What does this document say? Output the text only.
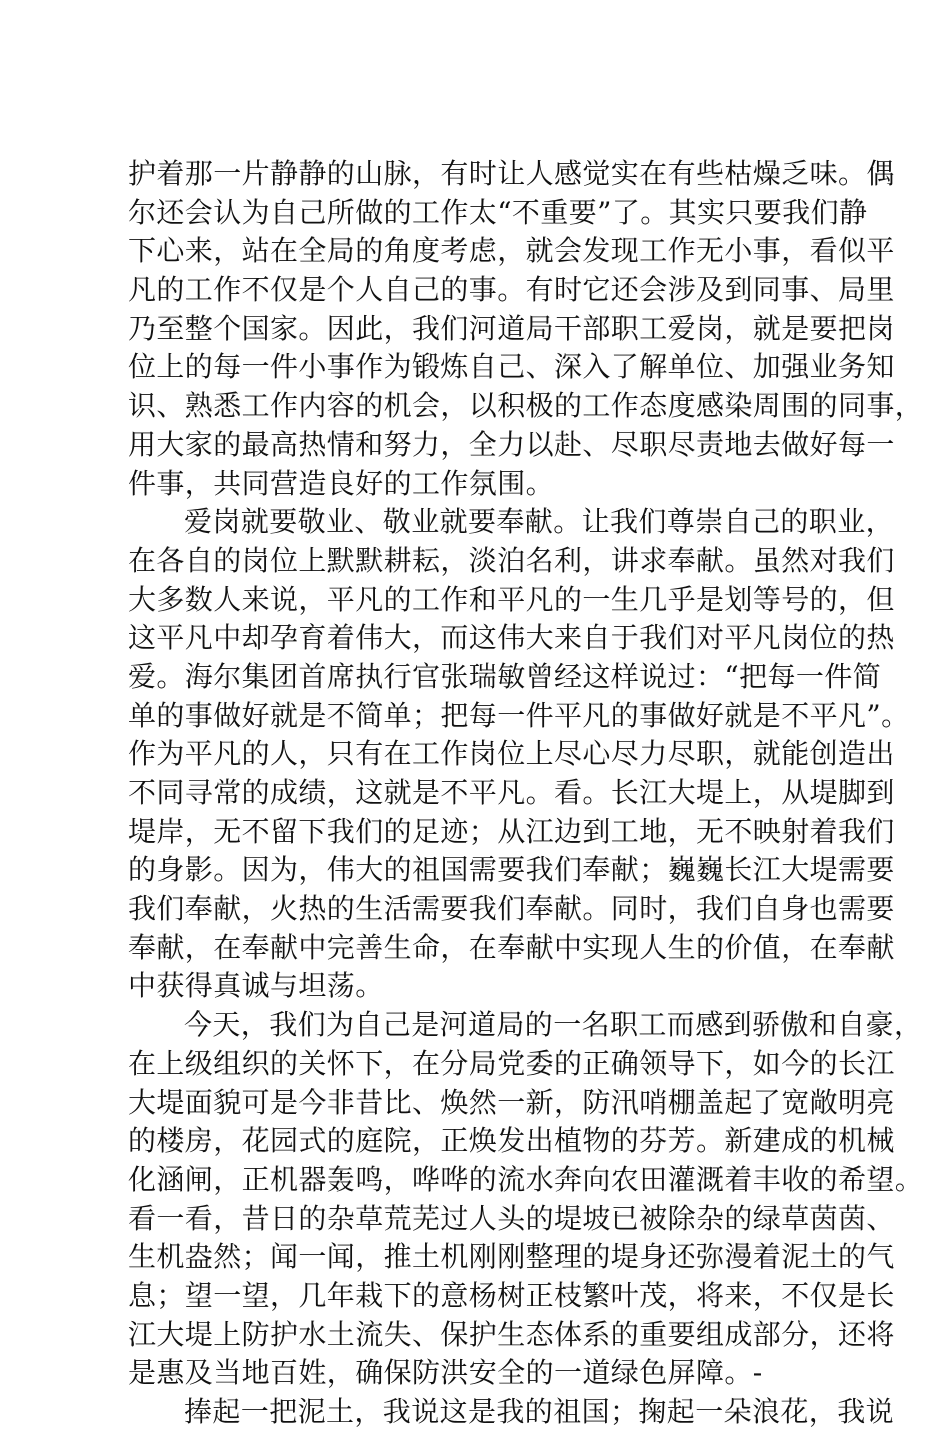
护着那一片静静的山脉，有时让人感觉实在有些枯燥乏味。偶
尔还会认为自己所做的工作太“不重要”了。其实只要我们静
下心来，站在全局的角度考虑，就会发现工作无小事，看似平
凡的工作不仅是个人自己的事。有时它还会涉及到同事、局里
乃至整个国家。因此，我们河道局干部职工爱岗，就是要把岗
位上的每一件小事作为锻炼自己、深入了解单位、加强业务知
识、熟悉工作内容的机会，以积极的工作态度感染周围的同事，
用大家的最高热情和努力，全力以赴、尽职尽责地去做好每一
件事，共同营造良好的工作氛围。
爱岗就要敬业、敬业就要奉献。让我们尊崇自己的职业，
在各自的岗位上默默耕耘，淡泊名利，讲求奉献。虽然对我们
大多数人来说，平凡的工作和平凡的一生几乎是划等号的，但
这平凡中却孕育着伟大，而这伟大来自于我们对平凡岗位的热
爱。海尔集团首席执行官张瑞敏曾经这样说过：“把每一件简
单的事做好就是不简单；把每一件平凡的事做好就是不平凡”。
作为平凡的人，只有在工作岗位上尽心尽力尽职，就能创造出
不同寻常的成绩，这就是不平凡。看。长江大堤上，从堤脚到
堤岸，无不留下我们的足迹；从江边到工地，无不映射着我们
的身影。因为，伟大的祖国需要我们奉献；巍巍长江大堤需要
我们奉献，火热的生活需要我们奉献。同时，我们自身也需要
奉献，在奉献中完善生命，在奉献中实现人生的价值，在奉献
中获得真诚与坦荡。
今天，我们为自己是河道局的一名职工而感到骄傲和自豪，
在上级组织的关怀下，在分局党委的正确领导下，如今的长江
大堤面貌可是今非昔比、焕然一新，防汛哨棚盖起了宽敞明亮
的楼房，花园式的庭院，正焕发出植物的芬芳。新建成的机械
化涵闸，正机器轰鸣，哗哗的流水奔向农田灌溉着丰收的希望。
看一看，昔日的杂草荒芜过人头的堤坡已被除杂的绿草茵茵、
生机盎然；闻一闻，推土机刚刚整理的堤身还弥漫着泥土的气
息；望一望，几年栽下的意杨树正枝繁叶茂，将来，不仅是长
江大堤上防护水土流失、保护生态体系的重要组成部分，还将
是惠及当地百姓，确保防洪安全的一道绿色屏障。-
捧起一把泥土，我说这是我的祖国；掬起一朵浪花，我说
